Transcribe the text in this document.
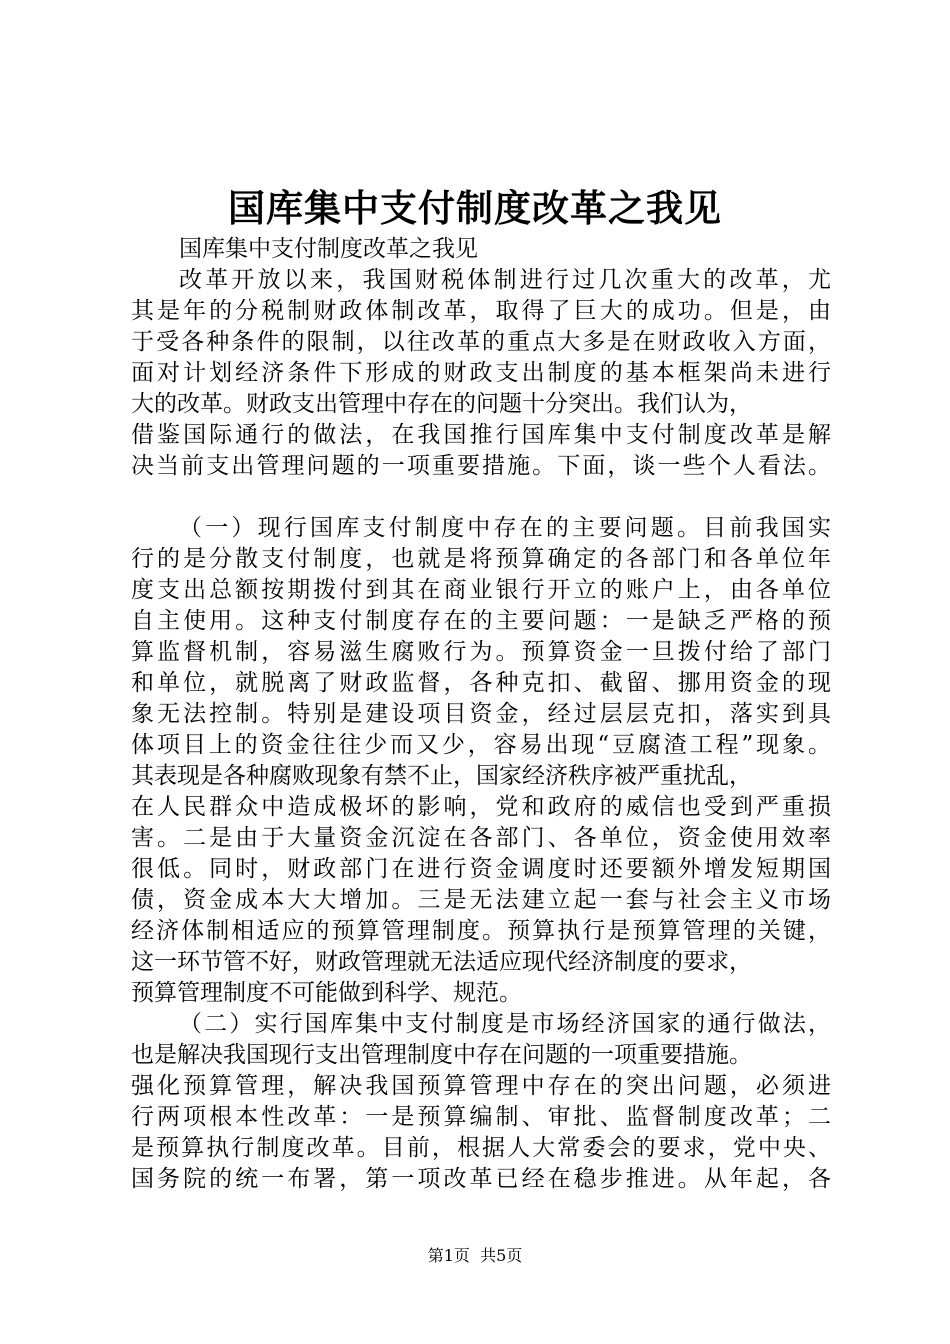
国库集中支付制度改革之我见
国库集中支付制度改革之我见
改革开放以来，我国财税体制进行过几次重大的改革，尤
其是年的分税制财政体制改革，取得了巨大的成功。但是，由
于受各种条件的限制，以往改革的重点大多是在财政收入方面，
面对计划经济条件下形成的财政支出制度的基本框架尚未进行
大的改革。财政支出管理中存在的问题十分突出。我们认为，
借鉴国际通行的做法，在我国推行国库集中支付制度改革是解
决当前支出管理问题的一项重要措施。下面，谈一些个人看法。
（一）现行国库支付制度中存在的主要问题。目前我国实
行的是分散支付制度，也就是将预算确定的各部门和各单位年
度支出总额按期拨付到其在商业银行开立的账户上，由各单位
自主使用。这种支付制度存在的主要问题：一是缺乏严格的预
算监督机制，容易滋生腐败行为。预算资金一旦拨付给了部门
和单位，就脱离了财政监督，各种克扣、截留、挪用资金的现
象无法控制。特别是建设项目资金，经过层层克扣，落实到具
体项目上的资金往往少而又少，容易出现“豆腐渣工程”现象。
其表现是各种腐败现象有禁不止，国家经济秩序被严重扰乱，
在人民群众中造成极坏的影响，党和政府的威信也受到严重损
害。二是由于大量资金沉淀在各部门、各单位，资金使用效率
很低。同时，财政部门在进行资金调度时还要额外增发短期国
债，资金成本大大增加。三是无法建立起一套与社会主义市场
经济体制相适应的预算管理制度。预算执行是预算管理的关键，
这一环节管不好，财政管理就无法适应现代经济制度的要求，
预算管理制度不可能做到科学、规范。
（二）实行国库集中支付制度是市场经济国家的通行做法，
也是解决我国现行支出管理制度中存在问题的一项重要措施。
强化预算管理，解决我国预算管理中存在的突出问题，必须进
行两项根本性改革：一是预算编制、审批、监督制度改革；二
是预算执行制度改革。目前，根据人大常委会的要求，党中央、
国务院的统一布署，第一项改革已经在稳步推进。从年起，各
第1页  共5页
